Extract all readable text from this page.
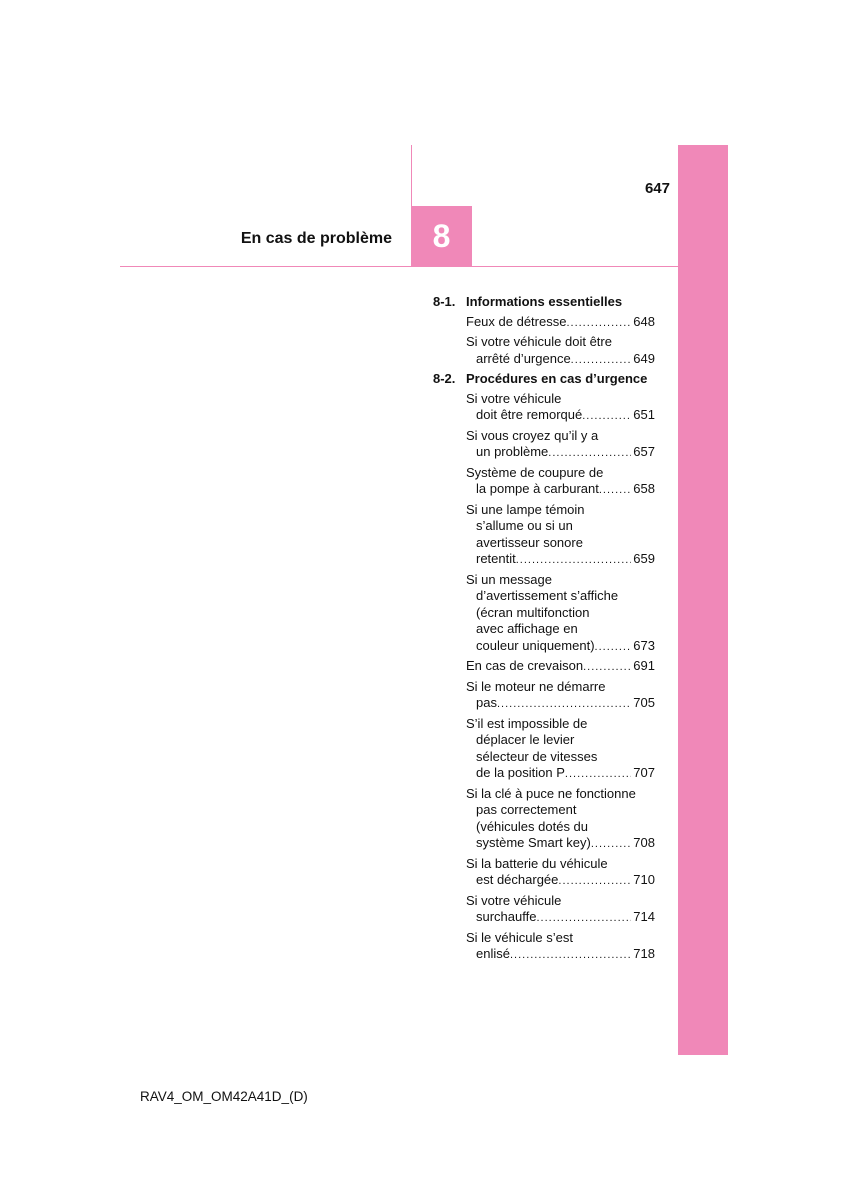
647
En cas de problème	8
8-1. Informations essentielles
Feux de détresse .....	648
Si votre véhicule doit être
arrêté d’urgence .....	649
8-2. Procédures en cas d’urgence
Si votre véhicule
doit être remorqué .....	651
Si vous croyez qu’il y a
un problème .....	657
Système de coupure de
la pompe à carburant .....	658
Si une lampe témoin
s’allume ou si un
avertisseur sonore
retentit .....	659
Si un message
d’avertissement s’affiche
(écran multifonction
avec affichage en
couleur uniquement) .....	673
En cas de crevaison .....	691
Si le moteur ne démarre
pas .....	705
S’il est impossible de
déplacer le levier
sélecteur de vitesses
de la position P .....	707
Si la clé à puce ne fonctionne
pas correctement
(véhicules dotés du
système Smart key) .....	708
Si la batterie du véhicule
est déchargée .....	710
Si votre véhicule
surchauffe .....	714
Si le véhicule s’est
enlisé .....	718
RAV4_OM_OM42A41D_(D)
